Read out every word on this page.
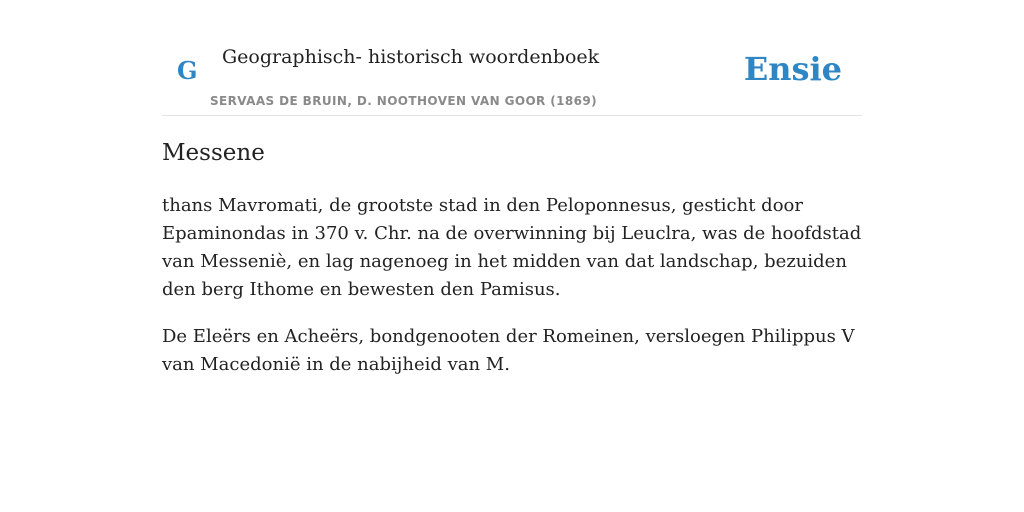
G Geographisch- historisch woordenboek
SERVAAS DE BRUIN, D. NOOTHOVEN VAN GOOR (1869)
Ensie
Messene

thans Mavromati, de grootste stad in den Peloponnesus, gesticht door Epaminondas in 370 v. Chr. na de overwinning bij Leuclra, was de hoofdstad van Messeniè, en lag nagenoeg in het midden van dat landschap, bezuiden den berg Ithome en bewesten den Pamisus.

De Eleërs en Acheërs, bondgenooten der Romeinen, versloegen Philippus V van Macedonië in de nabijheid van M.
